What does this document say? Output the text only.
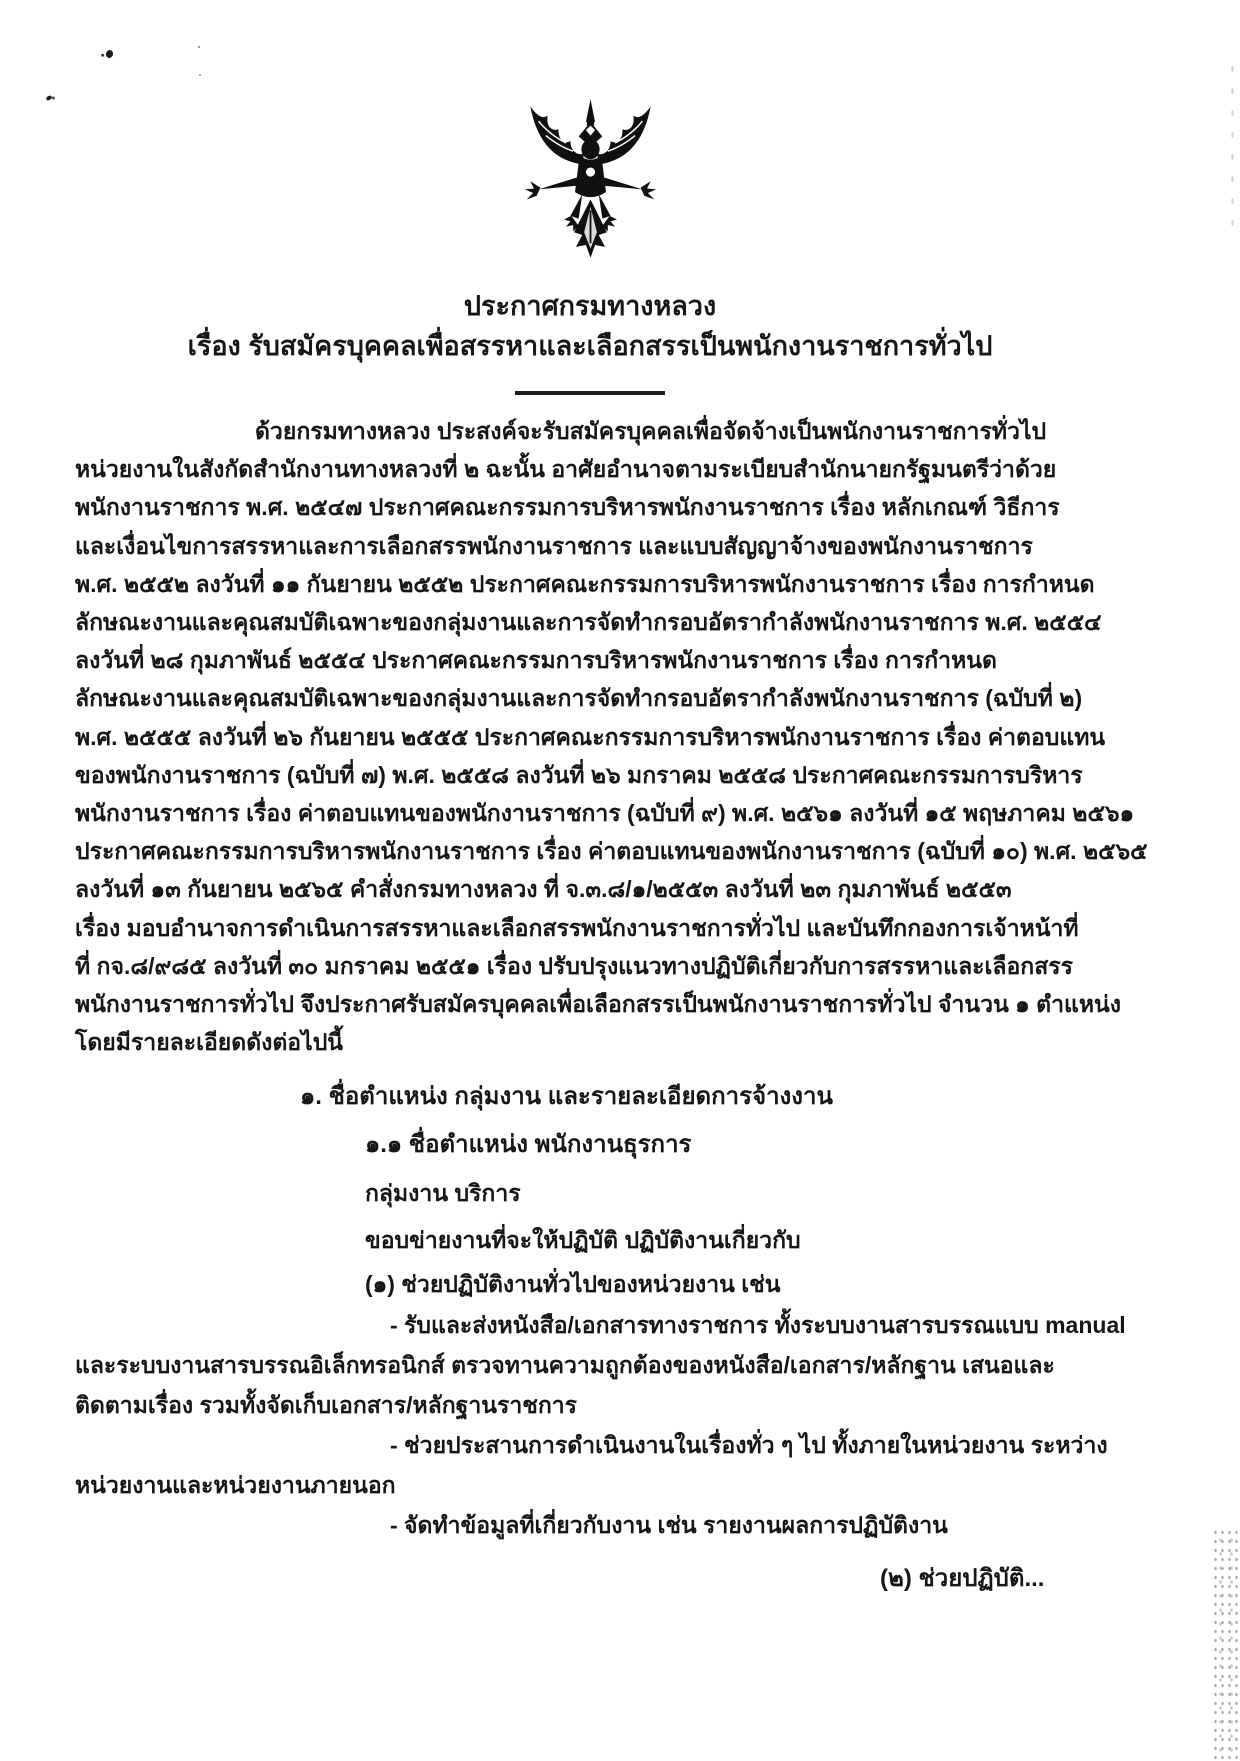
ประกาศกรมทางหลวง
เรื่อง รับสมัครบุคคลเพื่อสรรหาและเลือกสรรเป็นพนักงานราชการทั่วไป
ด้วยกรมทางหลวง ประสงค์จะรับสมัครบุคคลเพื่อจัดจ้างเป็นพนักงานราชการทั่วไป
หน่วยงานในสังกัดสำนักงานทางหลวงที่ ๒ ฉะนั้น อาศัยอำนาจตามระเบียบสำนักนายกรัฐมนตรีว่าด้วย
พนักงานราชการ พ.ศ. ๒๕๔๗ ประกาศคณะกรรมการบริหารพนักงานราชการ เรื่อง หลักเกณฑ์ วิธีการ
และเงื่อนไขการสรรหาและการเลือกสรรพนักงานราชการ และแบบสัญญาจ้างของพนักงานราชการ
พ.ศ. ๒๕๕๒ ลงวันที่ ๑๑ กันยายน ๒๕๕๒ ประกาศคณะกรรมการบริหารพนักงานราชการ เรื่อง การกำหนด
ลักษณะงานและคุณสมบัติเฉพาะของกลุ่มงานและการจัดทำกรอบอัตรากำลังพนักงานราชการ พ.ศ. ๒๕๕๔
ลงวันที่ ๒๘ กุมภาพันธ์ ๒๕๕๔ ประกาศคณะกรรมการบริหารพนักงานราชการ เรื่อง การกำหนด
ลักษณะงานและคุณสมบัติเฉพาะของกลุ่มงานและการจัดทำกรอบอัตรากำลังพนักงานราชการ (ฉบับที่ ๒)
พ.ศ. ๒๕๕๕ ลงวันที่ ๒๖ กันยายน ๒๕๕๕ ประกาศคณะกรรมการบริหารพนักงานราชการ เรื่อง ค่าตอบแทน
ของพนักงานราชการ (ฉบับที่ ๗) พ.ศ. ๒๕๕๘ ลงวันที่ ๒๖ มกราคม ๒๕๕๘ ประกาศคณะกรรมการบริหาร
พนักงานราชการ เรื่อง ค่าตอบแทนของพนักงานราชการ (ฉบับที่ ๙) พ.ศ. ๒๕๖๑ ลงวันที่ ๑๕ พฤษภาคม ๒๕๖๑
ประกาศคณะกรรมการบริหารพนักงานราชการ เรื่อง ค่าตอบแทนของพนักงานราชการ (ฉบับที่ ๑๐) พ.ศ. ๒๕๖๕
ลงวันที่ ๑๓ กันยายน ๒๕๖๕ คำสั่งกรมทางหลวง ที่ จ.๓.๘/๑/๒๕๕๓ ลงวันที่ ๒๓ กุมภาพันธ์ ๒๕๕๓
เรื่อง มอบอำนาจการดำเนินการสรรหาและเลือกสรรพนักงานราชการทั่วไป และบันทึกกองการเจ้าหน้าที่
ที่ กจ.๘/๙๘๕ ลงวันที่ ๓๐ มกราคม ๒๕๕๑ เรื่อง ปรับปรุงแนวทางปฏิบัติเกี่ยวกับการสรรหาและเลือกสรร
พนักงานราชการทั่วไป จึงประกาศรับสมัครบุคคลเพื่อเลือกสรรเป็นพนักงานราชการทั่วไป จำนวน ๑ ตำแหน่ง
โดยมีรายละเอียดดังต่อไปนี้
๑. ชื่อตำแหน่ง กลุ่มงาน และรายละเอียดการจ้างงาน
๑.๑ ชื่อตำแหน่ง พนักงานธุรการ
กลุ่มงาน บริการ
ขอบข่ายงานที่จะให้ปฏิบัติ ปฏิบัติงานเกี่ยวกับ
(๑) ช่วยปฏิบัติงานทั่วไปของหน่วยงาน เช่น
- รับและส่งหนังสือ/เอกสารทางราชการ ทั้งระบบงานสารบรรณแบบ manual
และระบบงานสารบรรณอิเล็กทรอนิกส์ ตรวจทานความถูกต้องของหนังสือ/เอกสาร/หลักฐาน เสนอและ
ติดตามเรื่อง รวมทั้งจัดเก็บเอกสาร/หลักฐานราชการ
- ช่วยประสานการดำเนินงานในเรื่องทั่ว ๆ ไป ทั้งภายในหน่วยงาน ระหว่าง
หน่วยงานและหน่วยงานภายนอก
- จัดทำข้อมูลที่เกี่ยวกับงาน เช่น รายงานผลการปฏิบัติงาน
(๒) ช่วยปฏิบัติ...
